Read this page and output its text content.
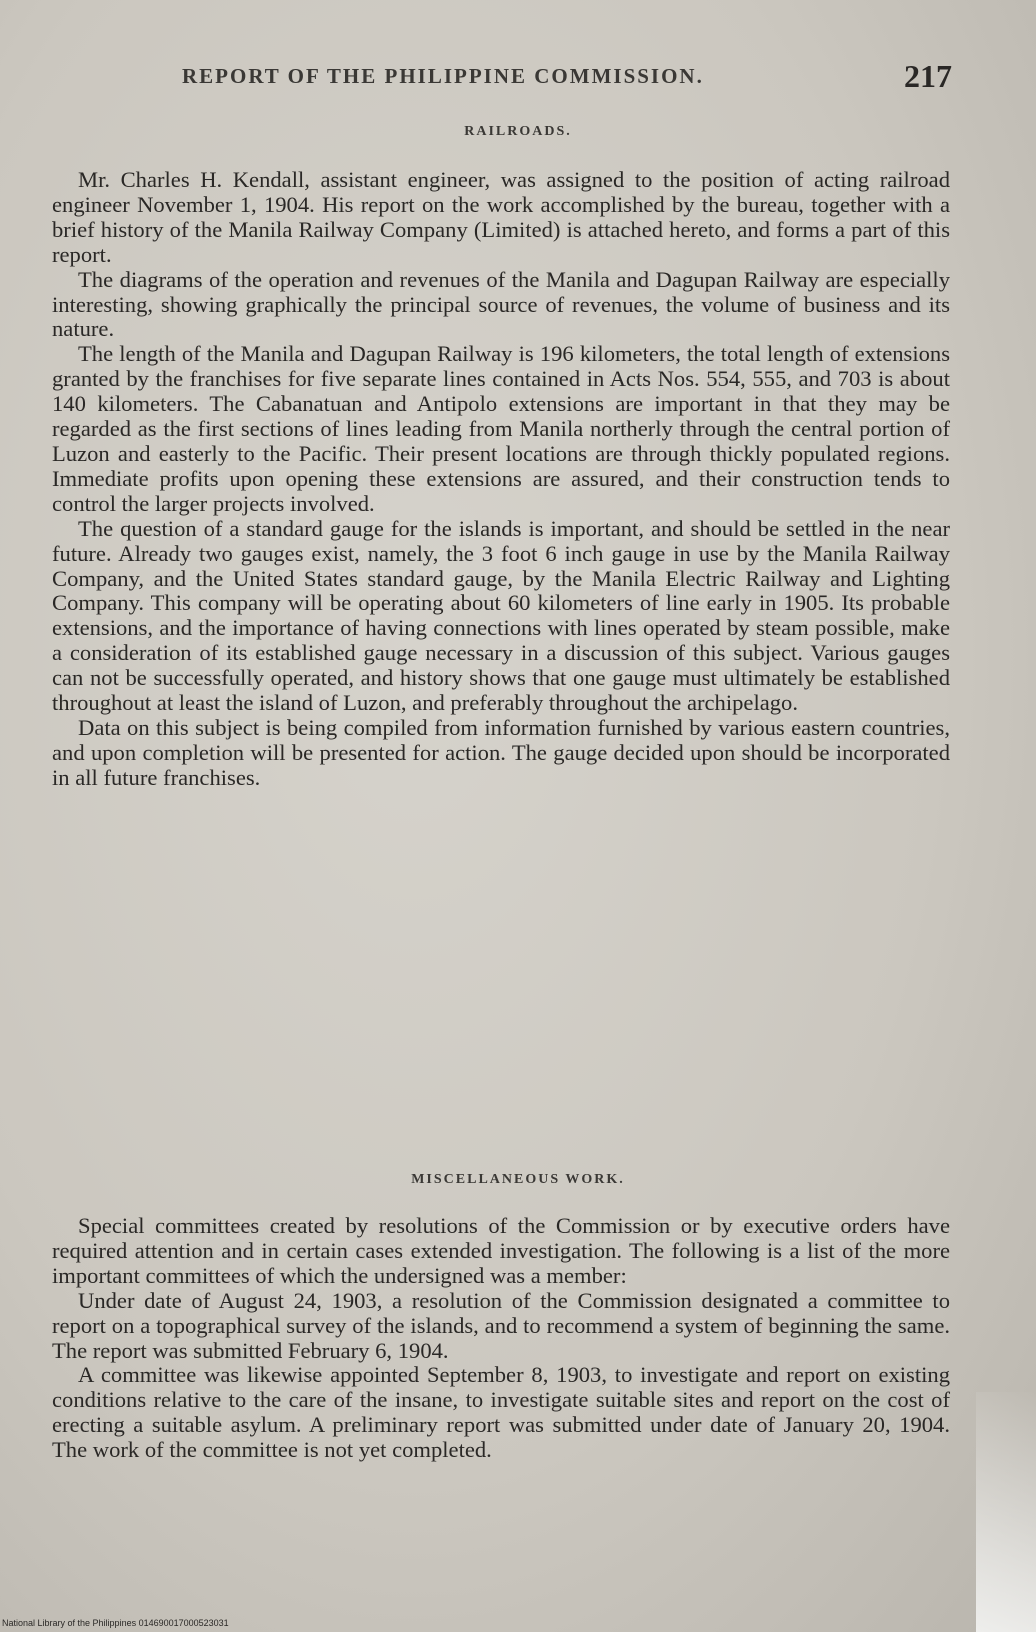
REPORT OF THE PHILIPPINE COMMISSION.	217
RAILROADS.

Mr. Charles H. Kendall, assistant engineer, was assigned to the position of acting railroad engineer November 1, 1904. His report on the work accomplished by the bureau, together with a brief history of the Manila Railway Company (Limited) is attached hereto, and forms a part of this report.

The diagrams of the operation and revenues of the Manila and Dagupan Railway are especially interesting, showing graphically the principal source of revenues, the volume of business and its nature.

The length of the Manila and Dagupan Railway is 196 kilometers, the total length of extensions granted by the franchises for five separate lines contained in Acts Nos. 554, 555, and 703 is about 140 kilometers. The Cabanatuan and Antipolo extensions are important in that they may be regarded as the first sections of lines leading from Manila northerly through the central portion of Luzon and easterly to the Pacific. Their present locations are through thickly populated regions. Immediate profits upon opening these extensions are assured, and their construction tends to control the larger projects involved.

The question of a standard gauge for the islands is important, and should be settled in the near future. Already two gauges exist, namely, the 3 foot 6 inch gauge in use by the Manila Railway Company, and the United States standard gauge, by the Manila Electric Railway and Lighting Company. This company will be operating about 60 kilometers of line early in 1905. Its probable extensions, and the importance of having connections with lines operated by steam possible, make a consideration of its established gauge necessary in a discussion of this subject. Various gauges can not be successfully operated, and history shows that one gauge must ultimately be established throughout at least the island of Luzon, and preferably throughout the archipelago.

Data on this subject is being compiled from information furnished by various eastern countries, and upon completion will be presented for action. The gauge decided upon should be incorporated in all future franchises.

MISCELLANEOUS WORK.

Special committees created by resolutions of the Commission or by executive orders have required attention and in certain cases extended investigation. The following is a list of the more important committees of which the undersigned was a member:

Under date of August 24, 1903, a resolution of the Commission designated a committee to report on a topographical survey of the islands, and to recommend a system of beginning the same. The report was submitted February 6, 1904.

A committee was likewise appointed September 8, 1903, to investigate and report on existing conditions relative to the care of the insane, to investigate suitable sites and report on the cost of erecting a suitable asylum. A preliminary report was submitted under date of January 20, 1904. The work of the committee is not yet completed.

National Library of the Philippines 014690017000523031
